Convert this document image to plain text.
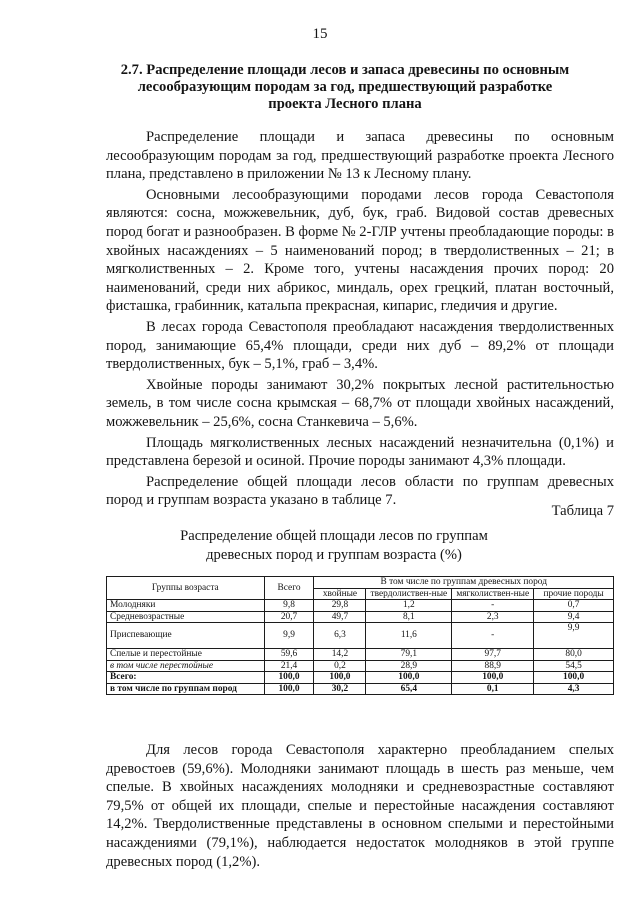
15
2.7. Распределение площади лесов и запаса древесины по основным лесообразующим породам за год, предшествующий разработке проекта Лесного плана

Распределение площади и запаса древесины по основным лесообразующим породам за год, предшествующий разработке проекта Лесного плана, представлено в приложении № 13 к Лесному плану.

Основными лесообразующими породами лесов города Севастополя являются: сосна, можжевельник, дуб, бук, граб. Видовой состав древесных пород богат и разнообразен. В форме № 2-ГЛР учтены преобладающие породы: в хвойных насаждениях – 5 наименований пород; в твердолиственных – 21; в мягколиственных – 2. Кроме того, учтены насаждения прочих пород: 20 наименований, среди них абрикос, миндаль, орех грецкий, платан восточный, фисташка, грабинник, катальпа прекрасная, кипарис, гледичия и другие.

В лесах города Севастополя преобладают насаждения твердолиственных пород, занимающие 65,4% площади, среди них дуб – 89,2% от площади твердолиственных, бук – 5,1%, граб – 3,4%.

Хвойные породы занимают 30,2% покрытых лесной растительностью земель, в том числе сосна крымская – 68,7% от площади хвойных насаждений, можжевельник – 25,6%, сосна Станкевича – 5,6%.

Площадь мягколиственных лесных насаждений незначительна (0,1%) и представлена березой и осиной. Прочие породы занимают 4,3% площади.

Распределение общей площади лесов области по группам древесных пород и группам возраста указано в таблице 7.

Таблица 7
Распределение общей площади лесов по группам древесных пород и группам возраста (%)
Группы возраста	Всего	В том числе по группам древесных пород			
		хвойные	твердолиствен-ные	мягколиствен-ные	прочие породы
Молодняки	9,8	29,8	1,2	-	0,7
Средневозрастные	20,7	49,7	8,1	2,3	9,4
Приспевающие	9,9	6,3	11,6	-	9,9
Спелые и перестойные	59,6	14,2	79,1	97,7	80,0
в том числе перестойные	21,4	0,2	28,9	88,9	54,5
Всего:	100,0	100,0	100,0	100,0	100,0
в том числе по группам пород	100,0	30,2	65,4	0,1	4,3

Для лесов города Севастополя характерно преобладанием спелых древостоев (59,6%). Молодняки занимают площадь в шесть раз меньше, чем спелые. В хвойных насаждениях молодняки и средневозрастные составляют 79,5% от общей их площади, спелые и перестойные насаждения составляют 14,2%. Твердолиственные представлены в основном спелыми и перестойными насаждениями (79,1%), наблюдается недостаток молодняков в этой группе древесных пород (1,2%).
